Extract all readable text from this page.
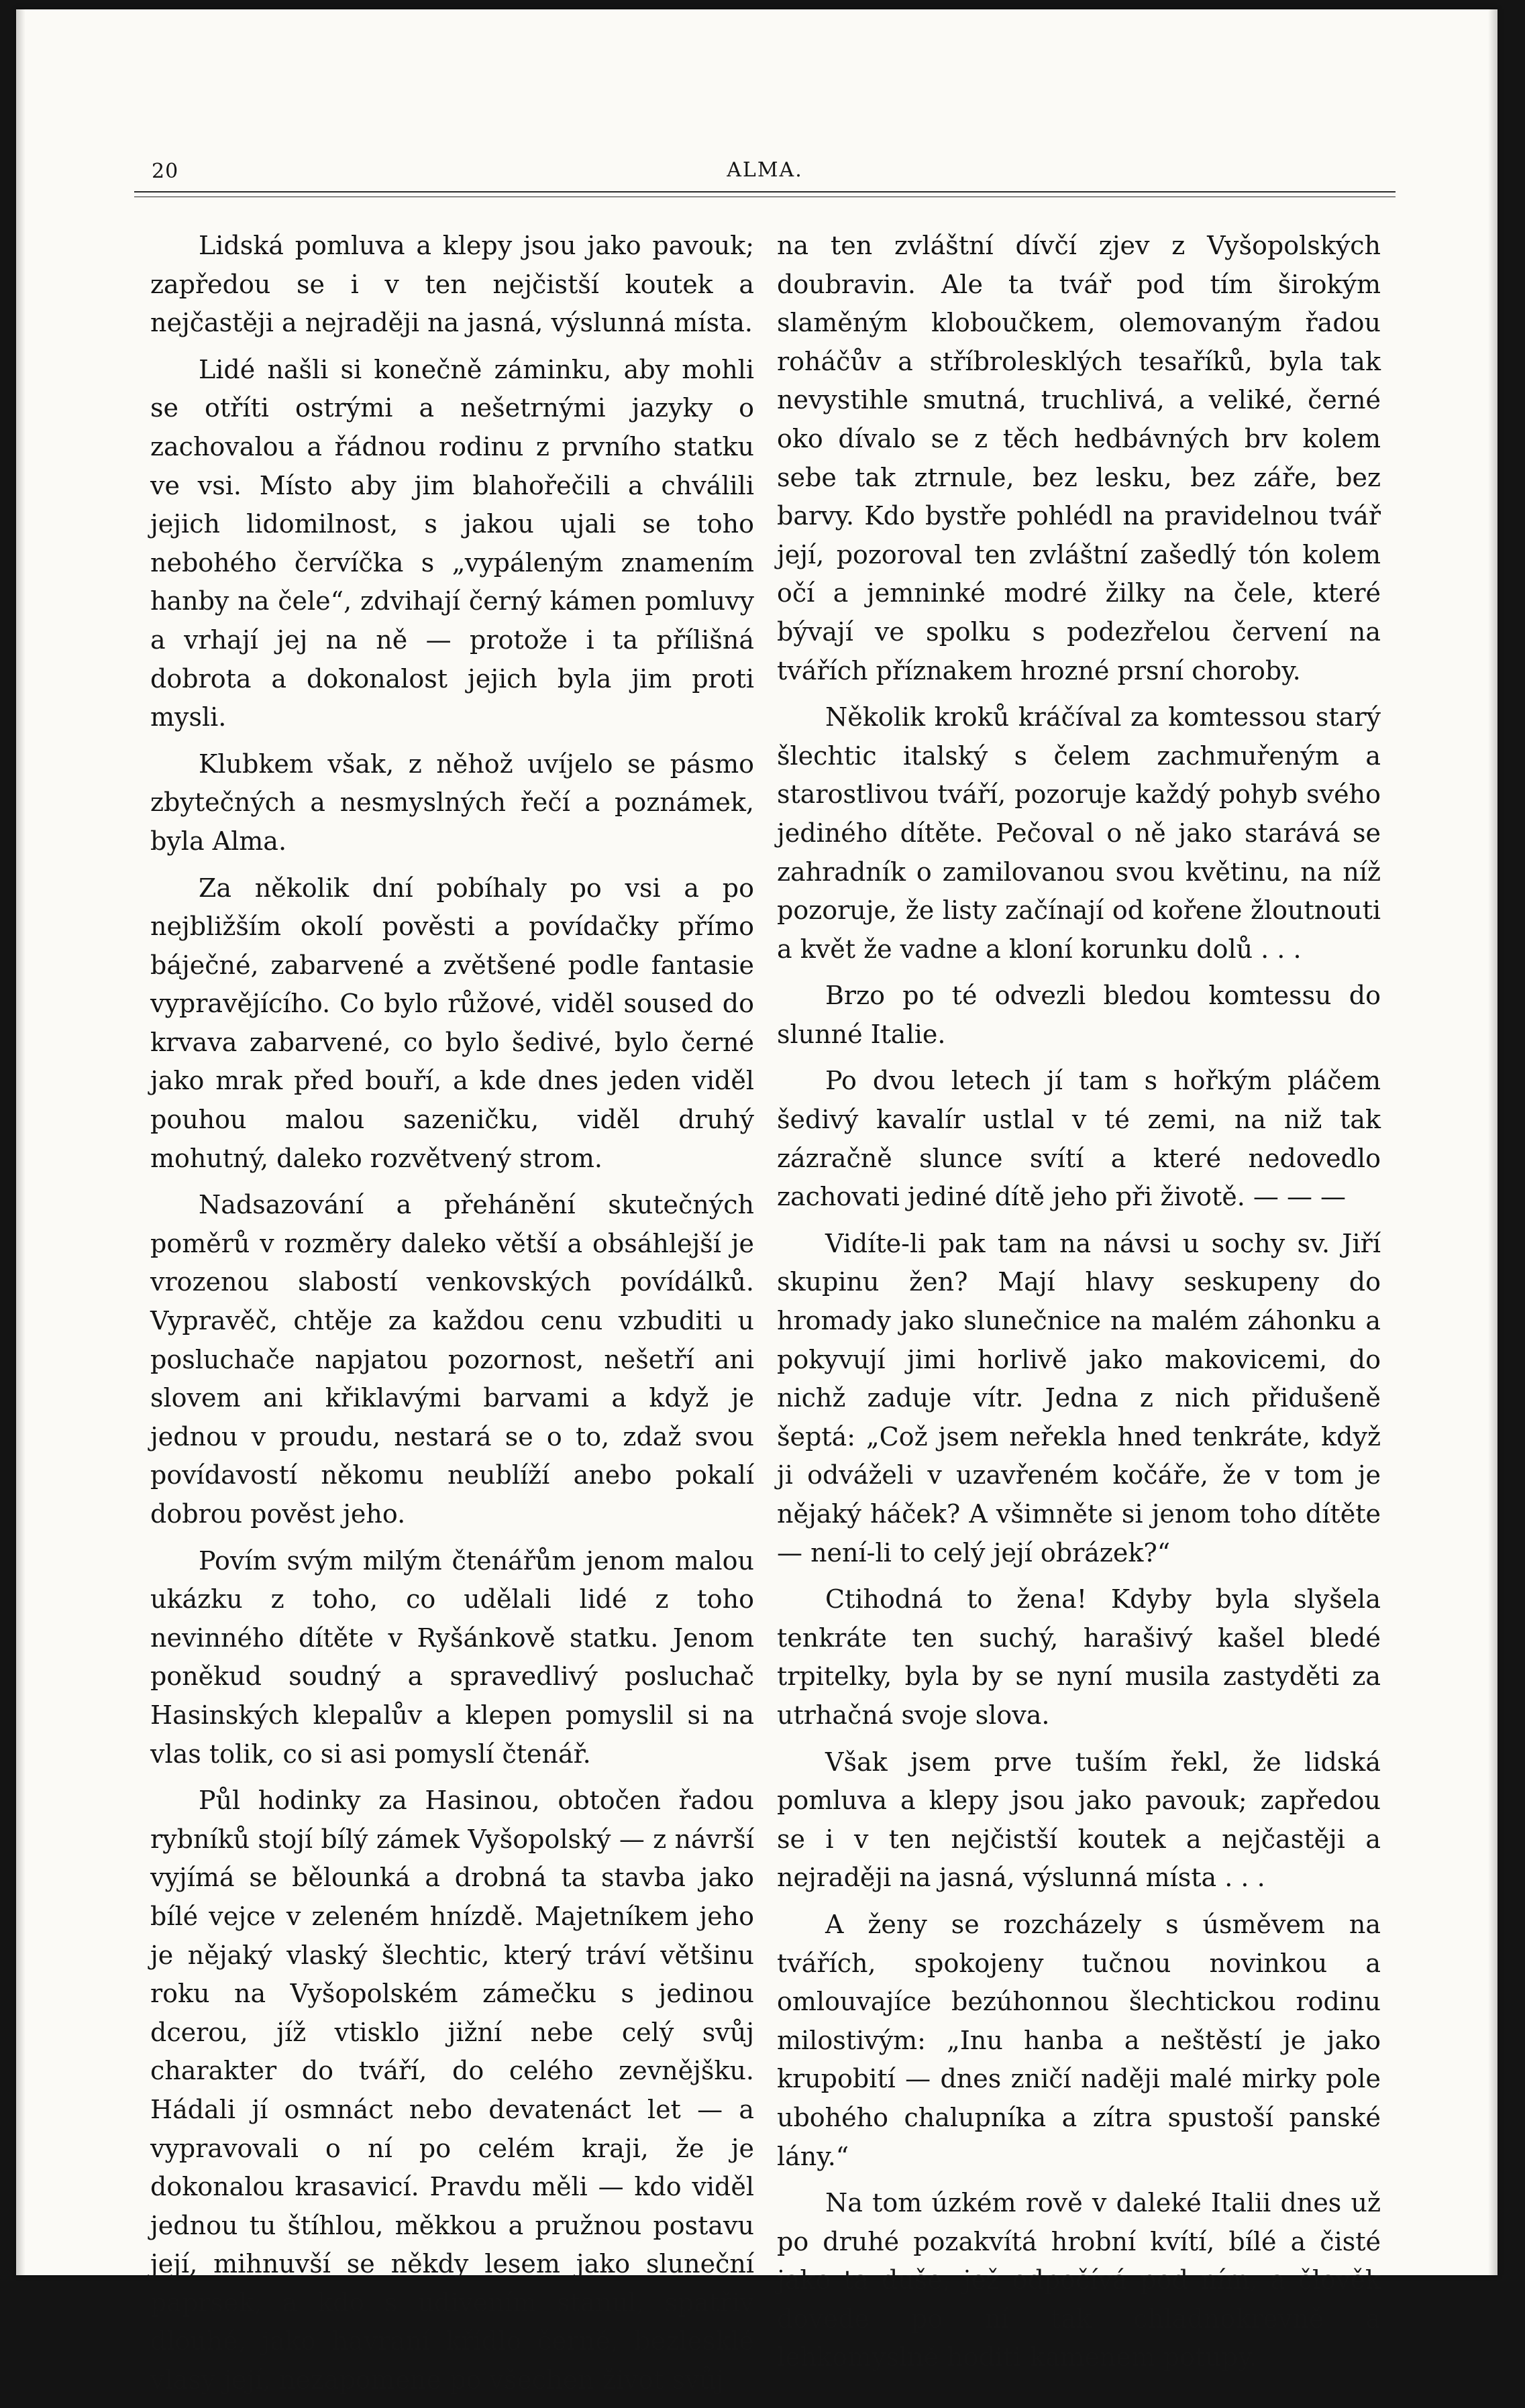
20	ALMA.

Lidská pomluva a klepy jsou jako pavouk; zapředou se i v ten nejčistší koutek a nejčastěji a nejraději na jasná, výslunná místa.

Lidé našli si konečně záminku, aby mohli se otříti ostrými a nešetrnými jazyky o zachovalou a řádnou rodinu z prvního statku ve vsi. Místo aby jim blahořečili a chválili jejich lidomilnost, s jakou ujali se toho nebohého červíčka s „vypáleným znamením hanby na čele“, zdvihají černý kámen pomluvy a vrhají jej na ně — protože i ta přílišná dobrota a dokonalost jejich byla jim proti mysli.

Klubkem však, z něhož uvíjelo se pásmo zbytečných a nesmyslných řečí a poznámek, byla Alma.

Za několik dní pobíhaly po vsi a po nejbližším okolí pověsti a povídačky přímo báječné, zabarvené a zvětšené podle fantasie vypravějícího. Co bylo růžové, viděl soused do krvava zabarvené, co bylo šedivé, bylo černé jako mrak před bouří, a kde dnes jeden viděl pouhou malou sazeničku, viděl druhý mohutný, daleko rozvětvený strom.

Nadsazování a přehánění skutečných poměrů v rozměry daleko větší a obsáhlejší je vrozenou slabostí venkovských povídálků. Vypravěč, chtěje za každou cenu vzbuditi u posluchače napjatou pozornost, nešetří ani slovem ani křiklavými barvami a když je jednou v proudu, nestará se o to, zdaž svou povídavostí někomu neublíží anebo pokalí dobrou pověst jeho.

Povím svým milým čtenářům jenom malou ukázku z toho, co udělali lidé z toho nevinného dítěte v Ryšánkově statku. Jenom poněkud soudný a spravedlivý posluchač Hasinských klepalův a klepen pomyslil si na vlas tolik, co si asi pomyslí čtenář.

Půl hodinky za Hasinou, obtočen řadou rybníků stojí bílý zámek Vyšopolský — z návrší vyjímá se bělounká a drobná ta stavba jako bílé vejce v zeleném hnízdě. Majetníkem jeho je nějaký vlaský šlechtic, který tráví většinu roku na Vyšopolském zámečku s jedinou dcerou, jíž vtisklo jižní nebe celý svůj charakter do tváří, do celého zevnějšku. Hádali jí osmnáct nebo devatenáct let — a vypravovali o ní po celém kraji, že je dokonalou krasavicí. Pravdu měli — kdo viděl jednou tu štíhlou, měkkou a pružnou postavu její, mihnuvší se někdy lesem jako sluneční paprsek, a kdo s udivením stanul, spatřiv dlouhé, jako havraní křídlo černé, bezlesklé vlasy její, nezapomene po všechen život svůj

na ten zvláštní dívčí zjev z Vyšopolských doubravin. Ale ta tvář pod tím širokým slaměným kloboučkem, olemovaným řadou roháčův a stříbrolesklých tesaříků, byla tak nevystihle smutná, truchlivá, a veliké, černé oko dívalo se z těch hedbávných brv kolem sebe tak ztrnule, bez lesku, bez záře, bez barvy. Kdo bystře pohlédl na pravidelnou tvář její, pozoroval ten zvláštní zašedlý tón kolem očí a jemninké modré žilky na čele, které bývají ve spolku s podezřelou červení na tvářích příznakem hrozné prsní choroby.

Několik kroků kráčíval za komtessou starý šlechtic italský s čelem zachmuřeným a starostlivou tváří, pozoruje každý pohyb svého jediného dítěte. Pečoval o ně jako starává se zahradník o zamilovanou svou květinu, na níž pozoruje, že listy začínají od kořene žloutnouti a květ že vadne a kloní korunku dolů . . .

Brzo po té odvezli bledou komtessu do slunné Italie.

Po dvou letech jí tam s hořkým pláčem šedivý kavalír ustlal v té zemi, na niž tak zázračně slunce svítí a které nedovedlo zachovati jediné dítě jeho při životě. — — —

Vidíte-li pak tam na návsi u sochy sv. Jiří skupinu žen? Mají hlavy seskupeny do hromady jako slunečnice na malém záhonku a pokyvují jimi horlivě jako makovicemi, do nichž zaduje vítr. Jedna z nich přidušeně šeptá: „Což jsem neřekla hned tenkráte, když ji odváželi v uzavřeném kočáře, že v tom je nějaký háček? A všimněte si jenom toho dítěte — není-li to celý její obrázek?“

Ctihodná to žena! Kdyby byla slyšela tenkráte ten suchý, harašivý kašel bledé trpitelky, byla by se nyní musila zastyděti za utrhačná svoje slova.

Však jsem prve tuším řekl, že lidská pomluva a klepy jsou jako pavouk; zapředou se i v ten nejčistší koutek a nejčastěji a nejraději na jasná, výslunná místa . . .

A ženy se rozcházely s úsměvem na tvářích, spokojeny tučnou novinkou a omlouvajíce bezúhonnou šlechtickou rodinu milostivým: „Inu hanba a neštěstí je jako krupobití — dnes zničí naději malé mirky pole ubohého chalupníka a zítra spustoší panské lány.“

Na tom úzkém rově v daleké Italii dnes už po druhé pozakvítá hrobní kvítí, bílé a čisté jako ta duše, jež odpočívá pod ním, a člověk dovede po ní tak chladnokrevně a lehkomyslně hoditi kamenem potupy.
